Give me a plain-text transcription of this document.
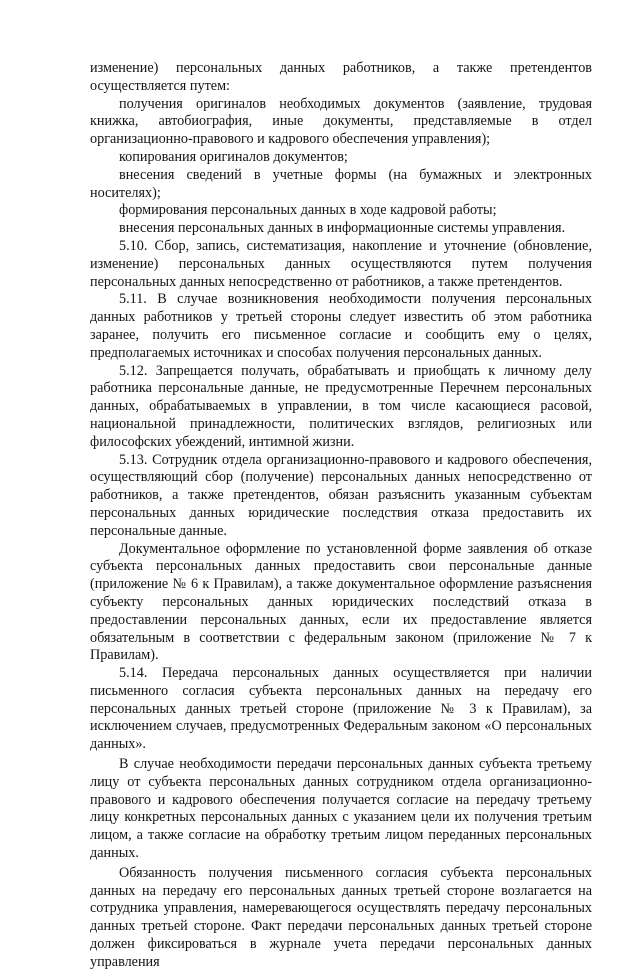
изменение) персональных данных работников, а также претендентов осуществляется путем:

получения оригиналов необходимых документов (заявление, трудовая книжка, автобиография, иные документы, представляемые в отдел организационно-правового и кадрового обеспечения управления);

копирования оригиналов документов;

внесения сведений в учетные формы (на бумажных и электронных носителях);

формирования персональных данных в ходе кадровой работы;

внесения персональных данных в информационные системы управления.

5.10. Сбор, запись, систематизация, накопление и уточнение (обновление, изменение) персональных данных осуществляются путем получения персональных данных непосредственно от работников, а также претендентов.

5.11. В случае возникновения необходимости получения персональных данных работников у третьей стороны следует известить об этом работника заранее, получить его письменное согласие и сообщить ему о целях, предполагаемых источниках и способах получения персональных данных.

5.12. Запрещается получать, обрабатывать и приобщать к личному делу работника персональные данные, не предусмотренные Перечнем персональных данных, обрабатываемых в управлении, в том числе касающиеся расовой, национальной принадлежности, политических взглядов, религиозных или философских убеждений, интимной жизни.

5.13. Сотрудник отдела организационно-правового и кадрового обеспечения, осуществляющий сбор (получение) персональных данных непосредственно от работников, а также претендентов, обязан разъяснить указанным субъектам персональных данных юридические последствия отказа предоставить их персональные данные.

Документальное оформление по установленной форме заявления об отказе субъекта персональных данных предоставить свои персональные данные (приложение № 6 к Правилам), а также документальное оформление разъяснения субъекту персональных данных юридических последствий отказа в предоставлении персональных данных, если их предоставление является обязательным в соответствии с федеральным законом (приложение № 7 к Правилам).

5.14. Передача персональных данных осуществляется при наличии письменного согласия субъекта персональных данных на передачу его персональных данных третьей стороне (приложение № 3 к Правилам), за исключением случаев, предусмотренных Федеральным законом «О персональных данных».

В случае необходимости передачи персональных данных субъекта третьему лицу от субъекта персональных данных сотрудником отдела организационно-правового и кадрового обеспечения получается согласие на передачу третьему лицу конкретных персональных данных с указанием цели их получения третьим лицом, а также согласие на обработку третьим лицом переданных персональных данных.

Обязанность получения письменного согласия субъекта персональных данных на передачу его персональных данных третьей стороне возлагается на сотрудника управления, намеревающегося осуществлять передачу персональных данных третьей стороне. Факт передачи персональных данных третьей стороне должен фиксироваться в журнале учета передачи персональных данных управления
